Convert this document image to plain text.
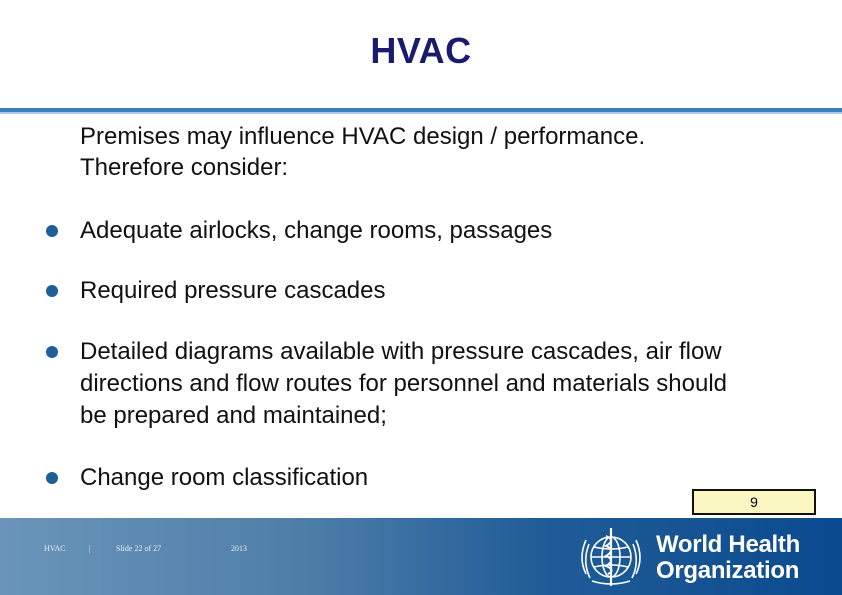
HVAC
Premises may influence HVAC design / performance.
Therefore consider:
Adequate airlocks, change rooms, passages
Required pressure cascades
Detailed diagrams available with pressure cascades, air flow directions and flow routes for personnel and materials should be prepared and maintained;
Change room classification
9
HVAC	|	Slide 22 of 27	2013	World Health
Organization
